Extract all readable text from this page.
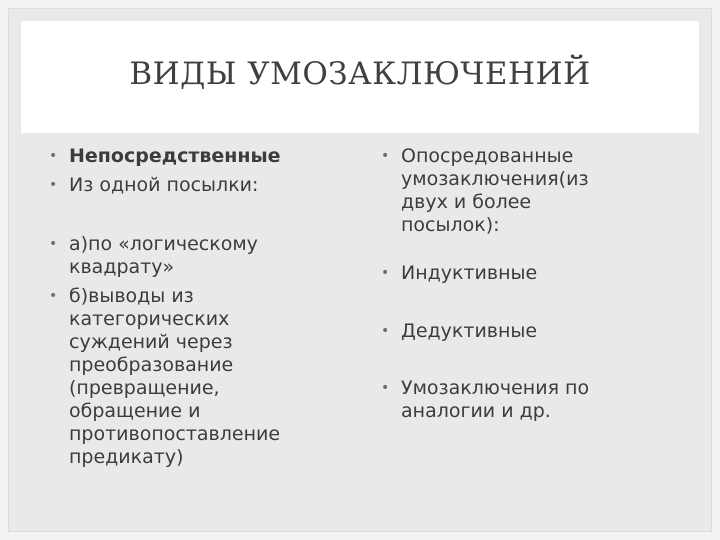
ВИДЫ УМОЗАКЛЮЧЕНИЙ
• Непосредственные
• Из одной посылки:
• а)по «логическому квадрату»
• б)выводы из категорических суждений через преобразование (превращение, обращение и противопоставление предикату)
• Опосредованные умозаключения(из двух и более посылок):
• Индуктивные
• Дедуктивные
• Умозаключения по аналогии и др.
